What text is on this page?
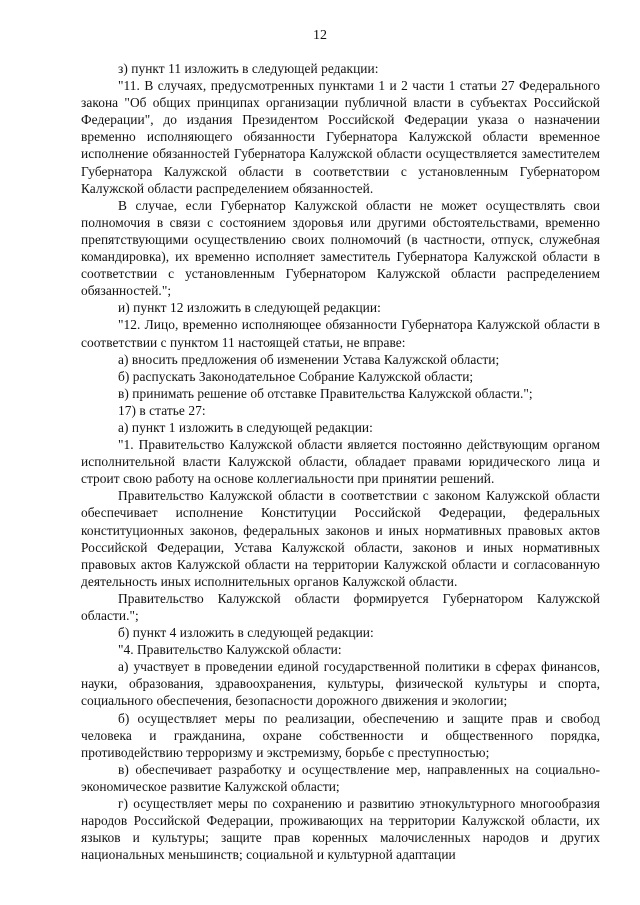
12

з) пункт 11 изложить в следующей редакции:

"11. В случаях, предусмотренных пунктами 1 и 2 части 1 статьи 27 Федерального закона "Об общих принципах организации публичной власти в субъектах Российской Федерации", до издания Президентом Российской Федерации указа о назначении временно исполняющего обязанности Губернатора Калужской области временное исполнение обязанностей Губернатора Калужской области осуществляется заместителем Губернатора Калужской области в соответствии с установленным Губернатором Калужской области распределением обязанностей.

В случае, если Губернатор Калужской области не может осуществлять свои полномочия в связи с состоянием здоровья или другими обстоятельствами, временно препятствующими осуществлению своих полномочий (в частности, отпуск, служебная командировка), их временно исполняет заместитель Губернатора Калужской области в соответствии с установленным Губернатором Калужской области распределением обязанностей.";

и) пункт 12 изложить в следующей редакции:

"12. Лицо, временно исполняющее обязанности Губернатора Калужской области в соответствии с пунктом 11 настоящей статьи, не вправе:

а) вносить предложения об изменении Устава Калужской области;

б) распускать Законодательное Собрание Калужской области;

в) принимать решение об отставке Правительства Калужской области.";

17) в статье 27:

а) пункт 1 изложить в следующей редакции:

"1. Правительство Калужской области является постоянно действующим органом исполнительной власти Калужской области, обладает правами юридического лица и строит свою работу на основе коллегиальности при принятии решений.

Правительство Калужской области в соответствии с законом Калужской области обеспечивает исполнение Конституции Российской Федерации, федеральных конституционных законов, федеральных законов и иных нормативных правовых актов Российской Федерации, Устава Калужской области, законов и иных нормативных правовых актов Калужской области на территории Калужской области и согласованную деятельность иных исполнительных органов Калужской области.

Правительство Калужской области формируется Губернатором Калужской области.";

б) пункт 4 изложить в следующей редакции:

"4. Правительство Калужской области:

а) участвует в проведении единой государственной политики в сферах финансов, науки, образования, здравоохранения, культуры, физической культуры и спорта, социального обеспечения, безопасности дорожного движения и экологии;

б) осуществляет меры по реализации, обеспечению и защите прав и свобод человека и гражданина, охране собственности и общественного порядка, противодействию терроризму и экстремизму, борьбе с преступностью;

в) обеспечивает разработку и осуществление мер, направленных на социально-экономическое развитие Калужской области;

г) осуществляет меры по сохранению и развитию этнокультурного многообразия народов Российской Федерации, проживающих на территории Калужской области, их языков и культуры; защите прав коренных малочисленных народов и других национальных меньшинств; социальной и культурной адаптации
